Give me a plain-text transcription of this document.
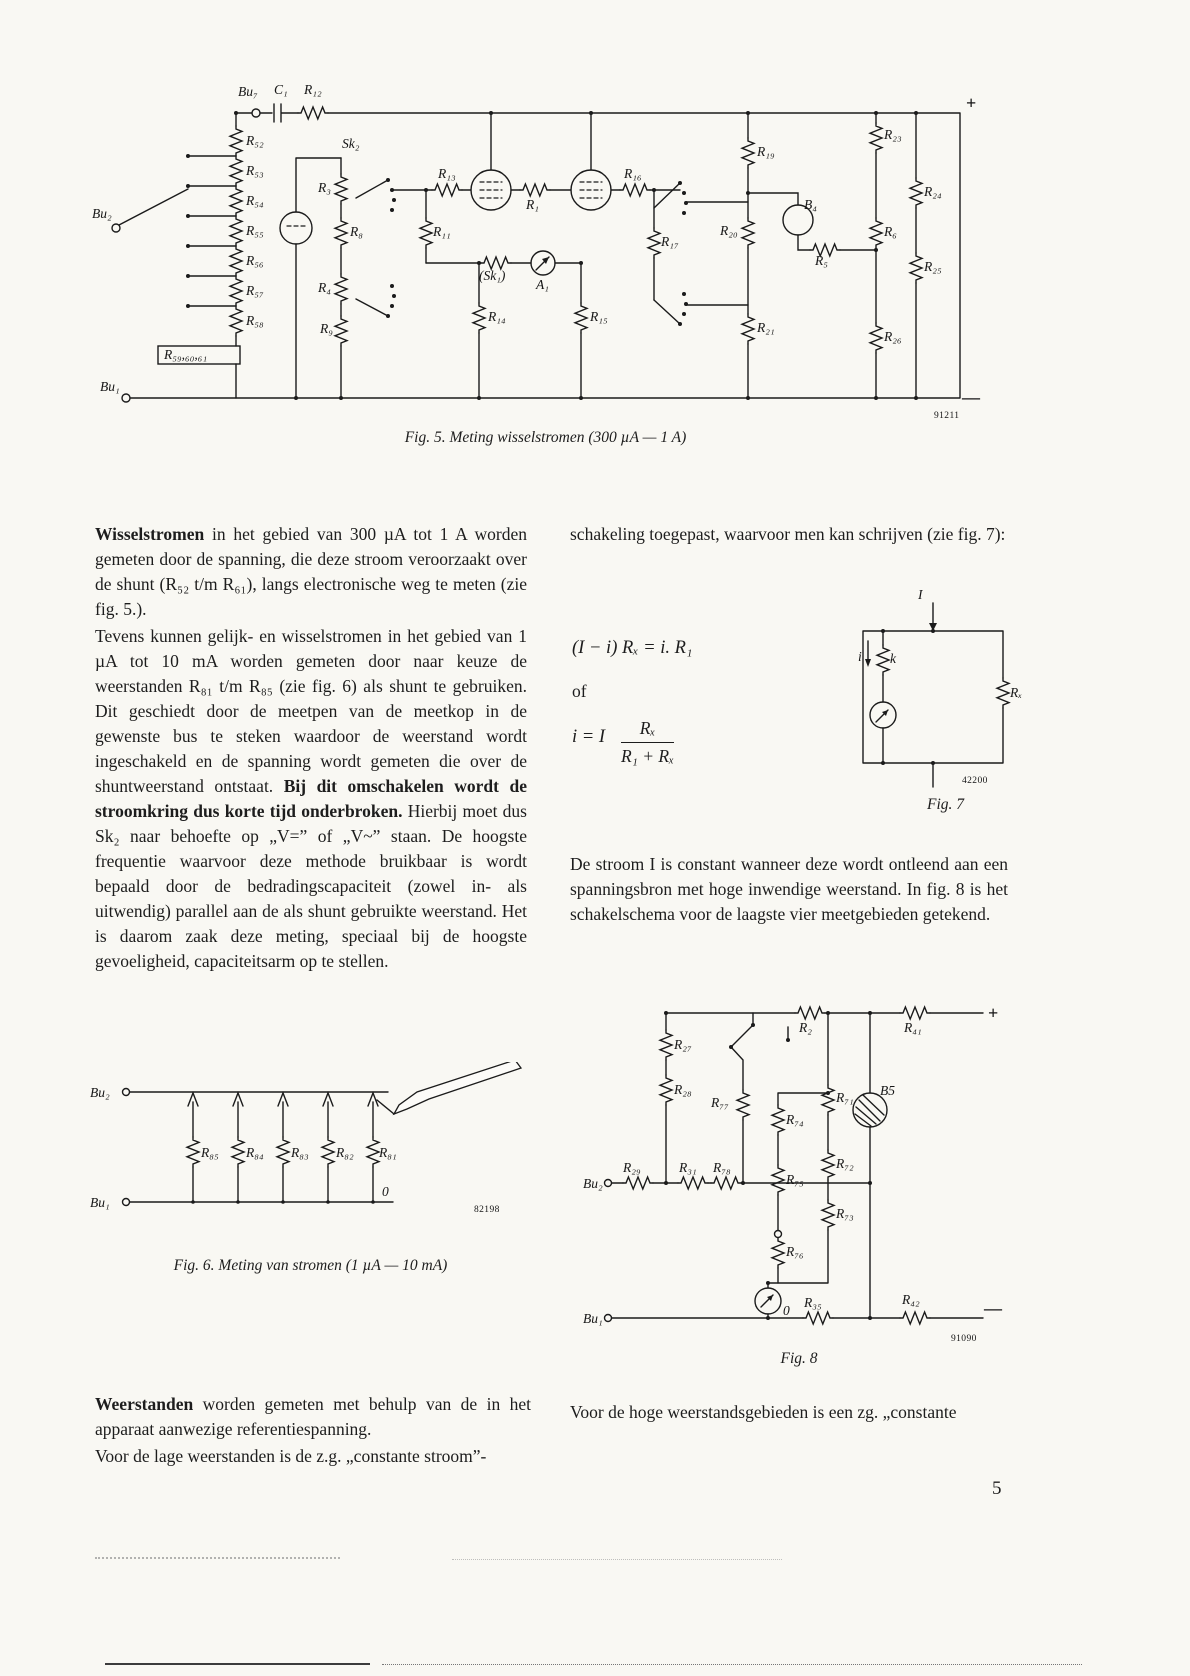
Bu₇ C₁ R₁₂
R₅₂
R₅₃
R₅₄
R₅₅
R₅₆
R₅₇
R₅₈
R₅₉,₆₀,₆₁
Bu₂
Bu₁
Sk₂
R₃
R₈
R₄
R₉
R₁₁
R₁₃
R₁
R₁₆
(Sk₁)
A₁
R₁₄	R₁₅
R₁₇
R₂₀
R₁₉
R₂₁
B₄
R₅
R₂₃
R₆
R₂₆
R₂₄
R₂₅
+
—
91211
Fig. 5. Meting wisselstromen (300 µA — 1 A)

Wisselstromen in het gebied van 300 µA tot 1 A worden gemeten door de spanning, die deze stroom veroorzaakt over de shunt (R₅₂ t/m R₆₁), langs electronische weg te meten (zie fig. 5.).

Tevens kunnen gelijk- en wisselstromen in het gebied van 1 µA tot 10 mA worden gemeten door naar keuze de weerstanden R₈₁ t/m R₈₅ (zie fig. 6) als shunt te gebruiken. Dit geschiedt door de meetpen van de meetkop in de gewenste bus te steken waardoor de weerstand wordt ingeschakeld en de spanning wordt gemeten die over de shuntweerstand ontstaat. Bij dit omschakelen wordt de stroomkring dus korte tijd onderbroken. Hierbij moet dus Sk₂ naar behoefte op „V=” of „V~” staan. De hoogste frequentie waarvoor deze methode bruikbaar is wordt bepaald door de bedradingscapaciteit (zowel in- als uitwendig) parallel aan de als shunt gebruikte weerstand. Het is daarom zaak deze meting, speciaal bij de hoogste gevoeligheid, capaciteitsarm op te stellen.

Bu₂
Bu₁
R₈₅ R₈₄ R₈₃ R₈₂ R₈₁
0
82198
Fig. 6. Meting van stromen (1 µA — 10 mA)

Weerstanden worden gemeten met behulp van de in het apparaat aanwezige referentiespanning.

Voor de lage weerstanden is de z.g. „constante stroom”-

schakeling toegepast, waarvoor men kan schrijven (zie fig. 7):

(I − i) Rₓ = i. R₁
of
i = I $\frac{\text{Rₓ}}{\text{R₁ + Rₓ}}$
I
k
i
Rₓ
42200
Fig. 7

De stroom I is constant wanneer deze wordt ontleend aan een spanningsbron met hoge inwendige weerstand. In fig. 8 is het schakelschema voor de laagste vier meetgebieden getekend.

R₂	R₄₁
R₂₇
R₂₈
R₂₉	R₃₁ R₇₈
R₇₇
R₇₄
R₇₁
R₇₂
R₇₅
R₇₃
R₇₆
B5
Bu₂
Bu₁
R₃₅	R₄₂
0
+
—
91090
Fig. 8

Voor de hoge weerstandsgebieden is een zg. „constante

5
